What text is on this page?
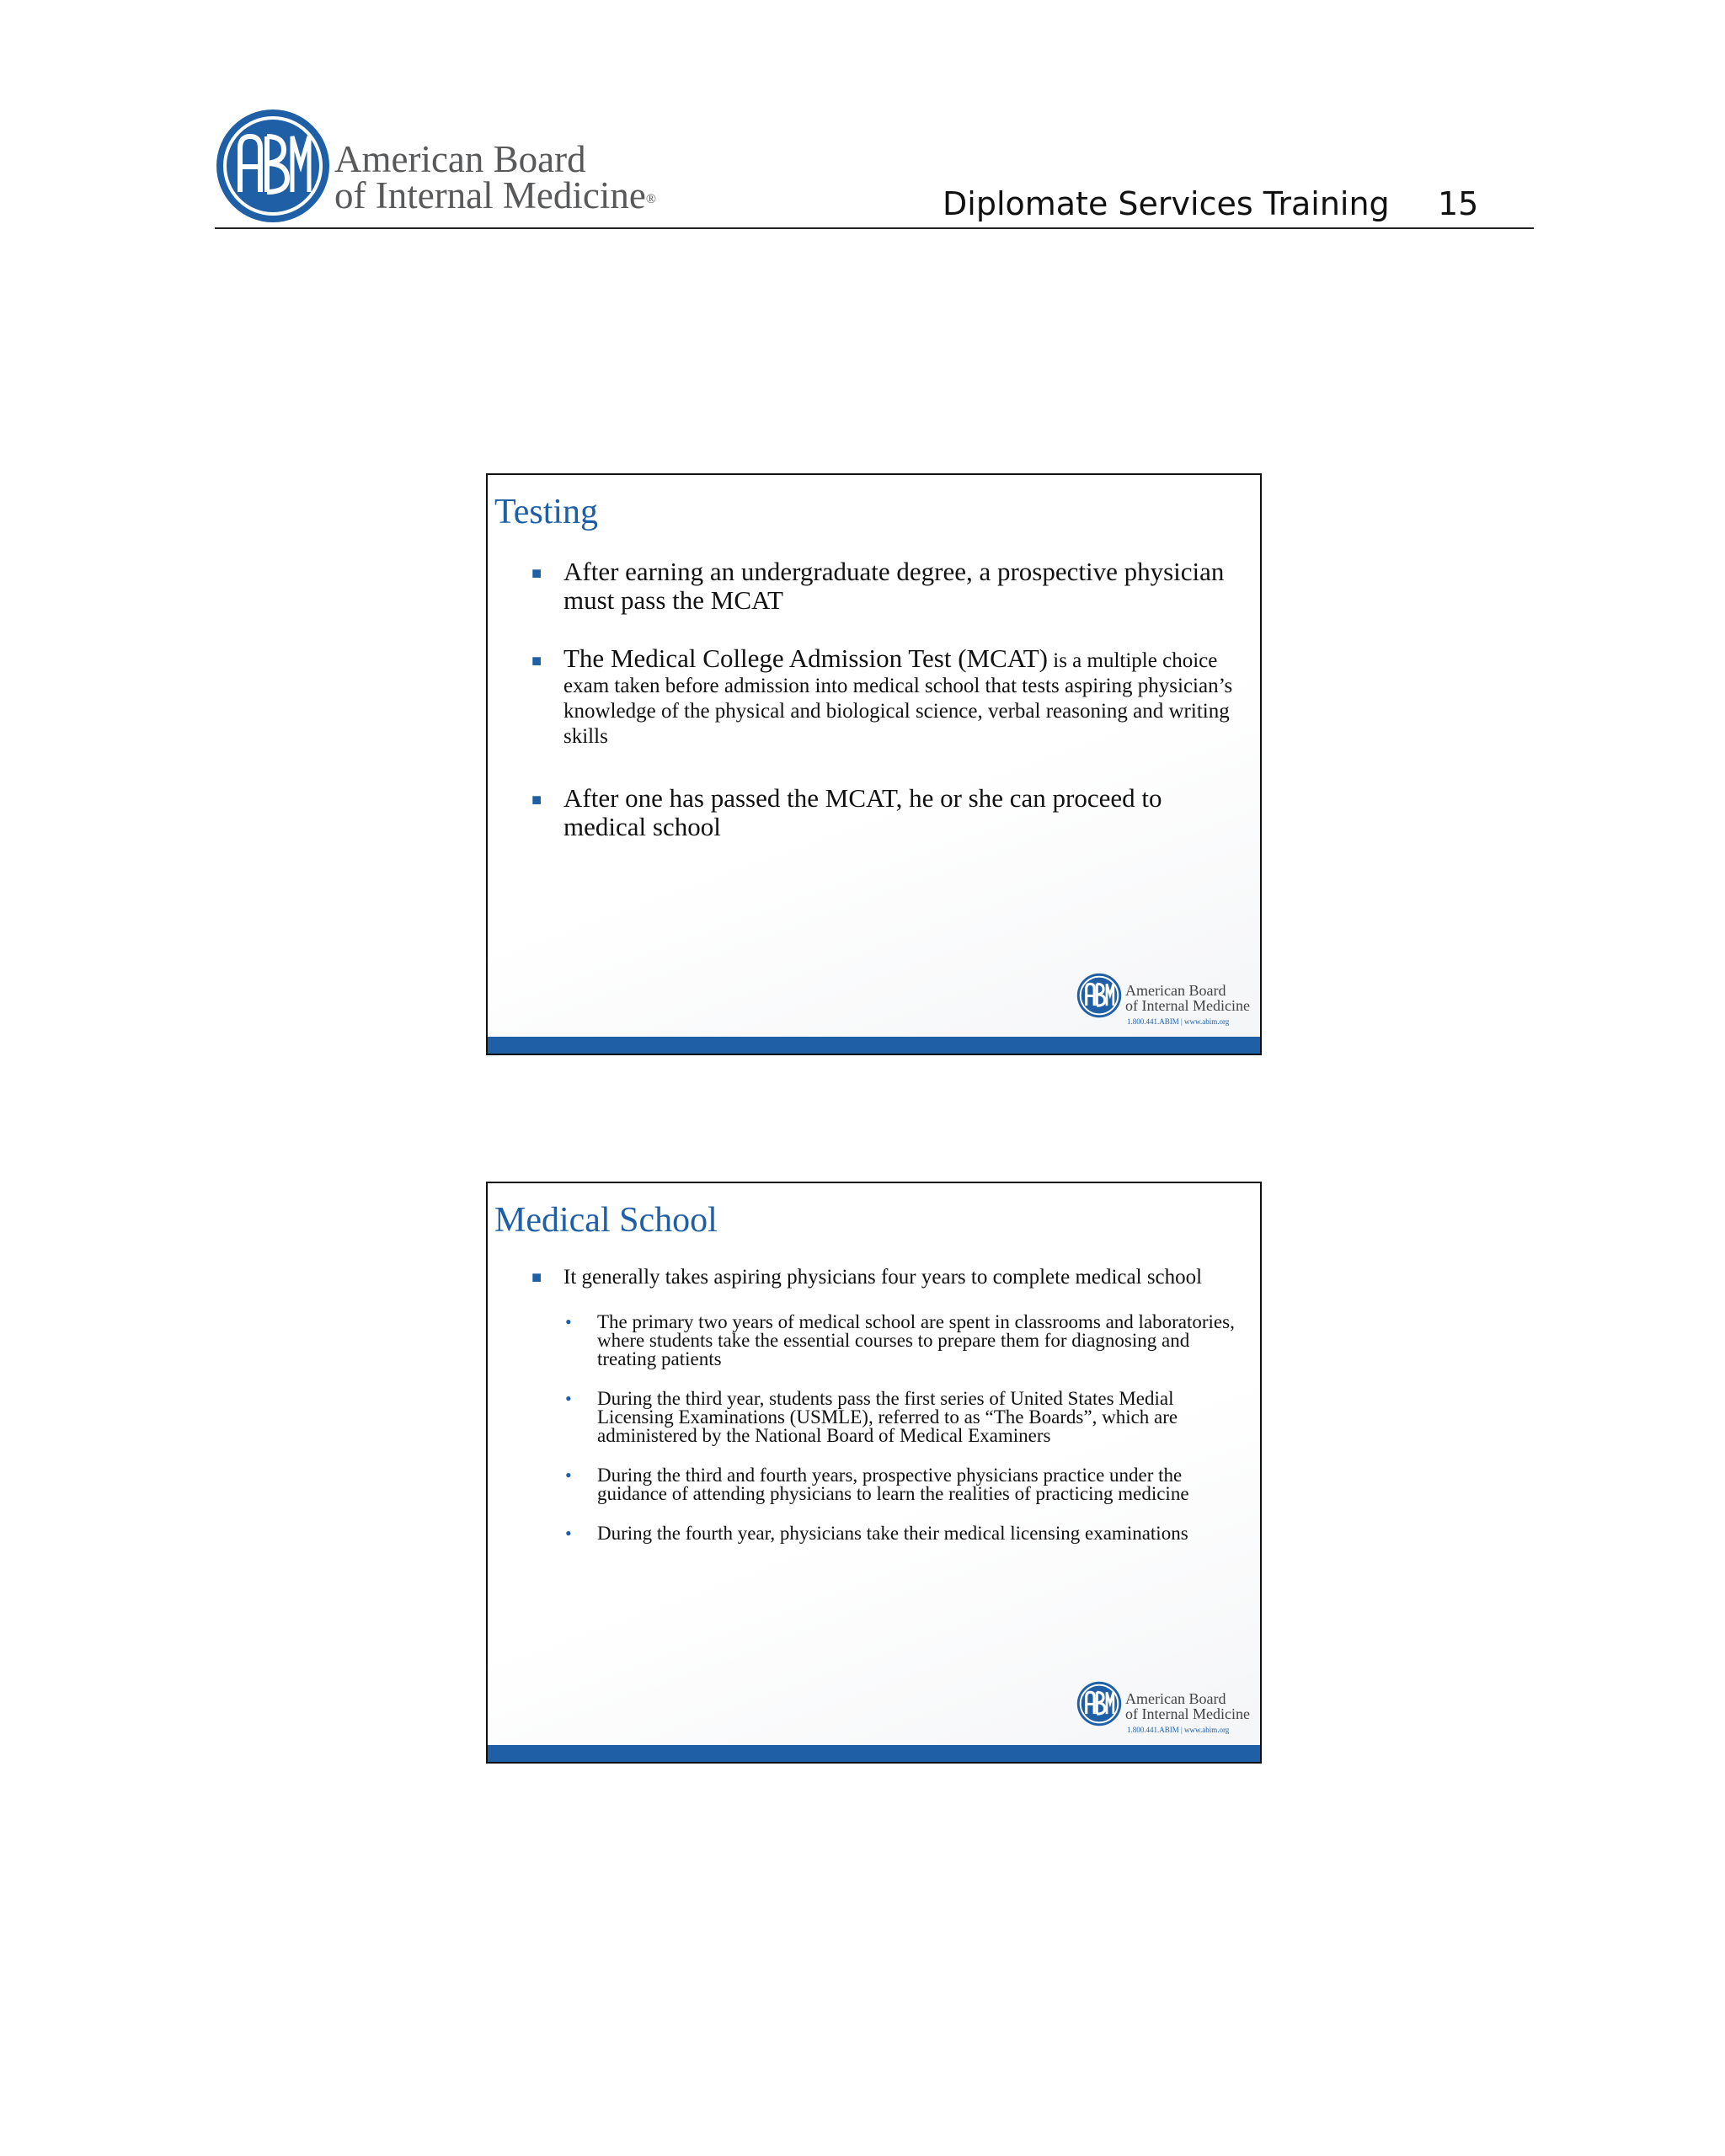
American Board
of Internal Medicine®	Diplomate Services Training 15
Testing
■ After earning an undergraduate degree, a prospective physician must pass the MCAT
■ The Medical College Admission Test (MCAT) is a multiple choice exam taken before admission into medical school that tests aspiring physician’s knowledge of the physical and biological science, verbal reasoning and writing skills
■ After one has passed the MCAT, he or she can proceed to medical school
American Board
of Internal Medicine
1.800.441.ABIM | www.abim.org
Medical School
■ It generally takes aspiring physicians four years to complete medical school
• The primary two years of medical school are spent in classrooms and laboratories, where students take the essential courses to prepare them for diagnosing and treating patients
• During the third year, students pass the first series of United States Medial Licensing Examinations (USMLE), referred to as “The Boards”, which are administered by the National Board of Medical Examiners
• During the third and fourth years, prospective physicians practice under the guidance of attending physicians to learn the realities of practicing medicine
• During the fourth year, physicians take their medical licensing examinations
American Board
of Internal Medicine
1.800.441.ABIM | www.abim.org
